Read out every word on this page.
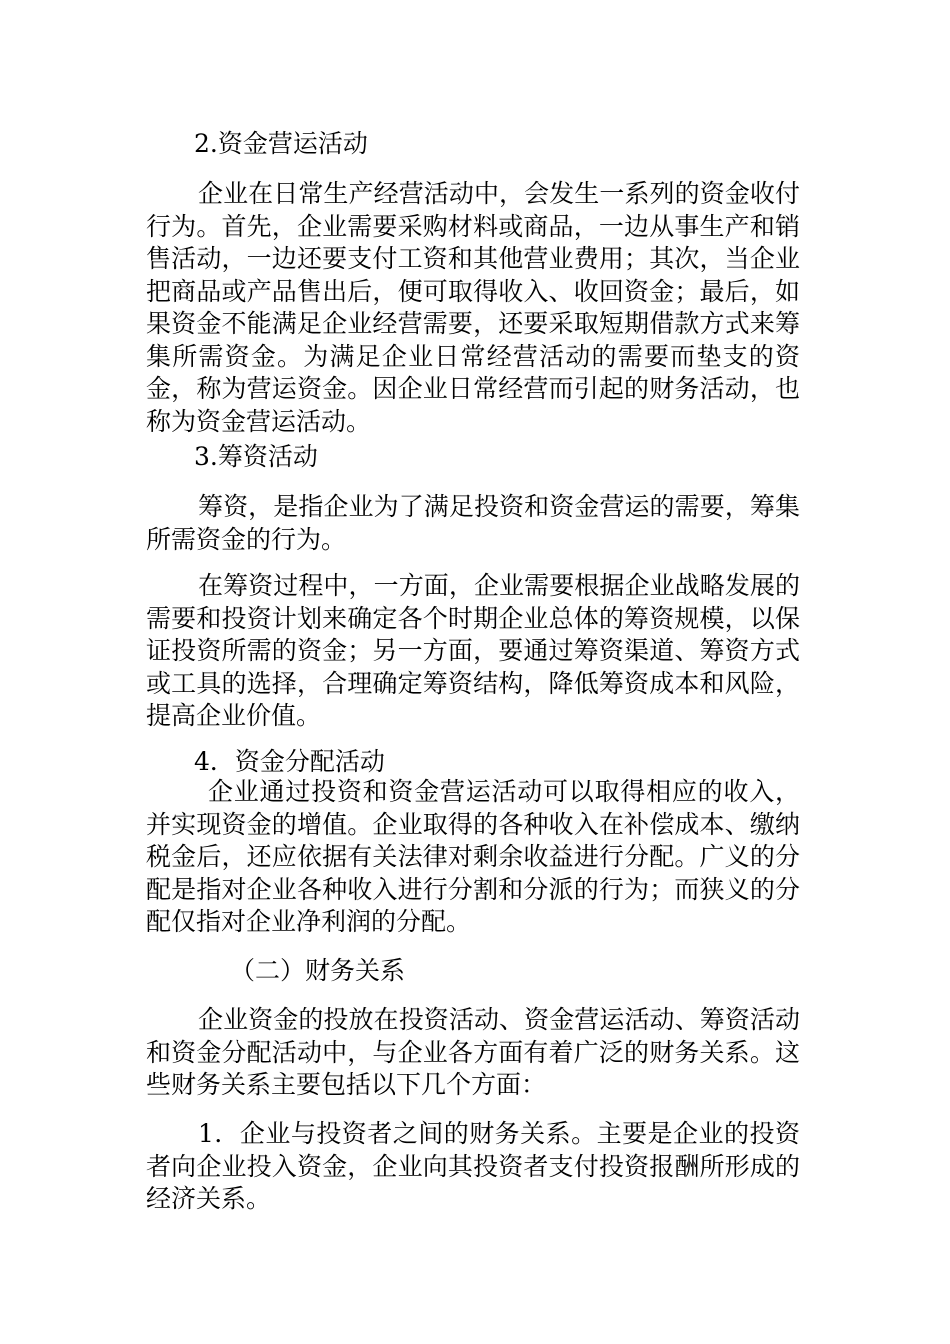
2.资金营运活动

企业在日常生产经营活动中，会发生一系列的资金收付行为。首先，企业需要采购材料或商品，一边从事生产和销售活动，一边还要支付工资和其他营业费用；其次，当企业把商品或产品售出后，便可取得收入、收回资金；最后，如果资金不能满足企业经营需要，还要采取短期借款方式来筹集所需资金。为满足企业日常经营活动的需要而垫支的资金，称为营运资金。因企业日常经营而引起的财务活动，也称为资金营运活动。

3.筹资活动

筹资，是指企业为了满足投资和资金营运的需要，筹集所需资金的行为。

在筹资过程中，一方面，企业需要根据企业战略发展的需要和投资计划来确定各个时期企业总体的筹资规模，以保证投资所需的资金；另一方面，要通过筹资渠道、筹资方式或工具的选择，合理确定筹资结构，降低筹资成本和风险，提高企业价值。

4．资金分配活动

企业通过投资和资金营运活动可以取得相应的收入，并实现资金的增值。企业取得的各种收入在补偿成本、缴纳税金后，还应依据有关法律对剩余收益进行分配。广义的分配是指对企业各种收入进行分割和分派的行为；而狭义的分配仅指对企业净利润的分配。

（二）财务关系

企业资金的投放在投资活动、资金营运活动、筹资活动和资金分配活动中，与企业各方面有着广泛的财务关系。这些财务关系主要包括以下几个方面：

1．企业与投资者之间的财务关系。主要是企业的投资者向企业投入资金，企业向其投资者支付投资报酬所形成的经济关系。
